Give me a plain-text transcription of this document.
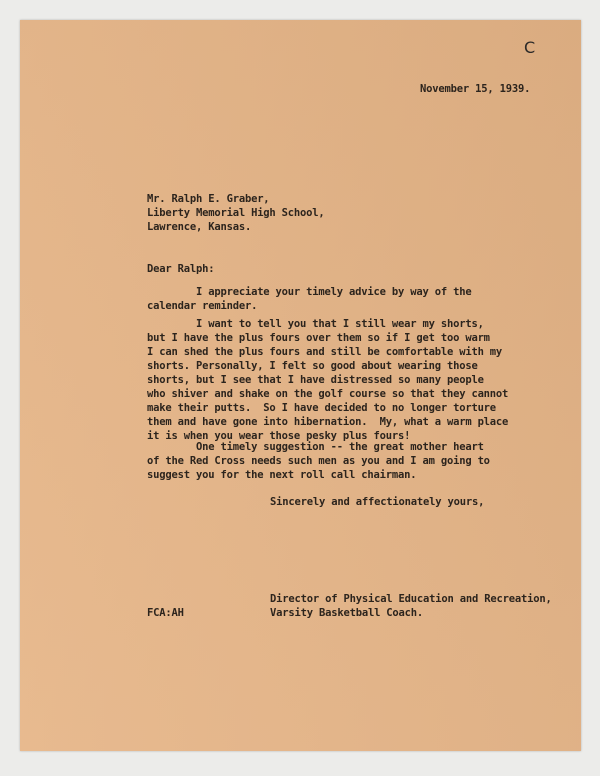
C
November 15, 1939.
Mr. Ralph E. Graber,
Liberty Memorial High School,
Lawrence, Kansas.
Dear Ralph:
I appreciate your timely advice by way of the
calendar reminder.
I want to tell you that I still wear my shorts,
but I have the plus fours over them so if I get too warm
I can shed the plus fours and still be comfortable with my
shorts. Personally, I felt so good about wearing those
shorts, but I see that I have distressed so many people
who shiver and shake on the golf course so that they cannot
make their putts.  So I have decided to no longer torture
them and have gone into hibernation.  My, what a warm place
it is when you wear those pesky plus fours!
One timely suggestion -- the great mother heart
of the Red Cross needs such men as you and I am going to
suggest you for the next roll call chairman.
Sincerely and affectionately yours,
Director of Physical Education and Recreation,
Varsity Basketball Coach.
FCA:AH
